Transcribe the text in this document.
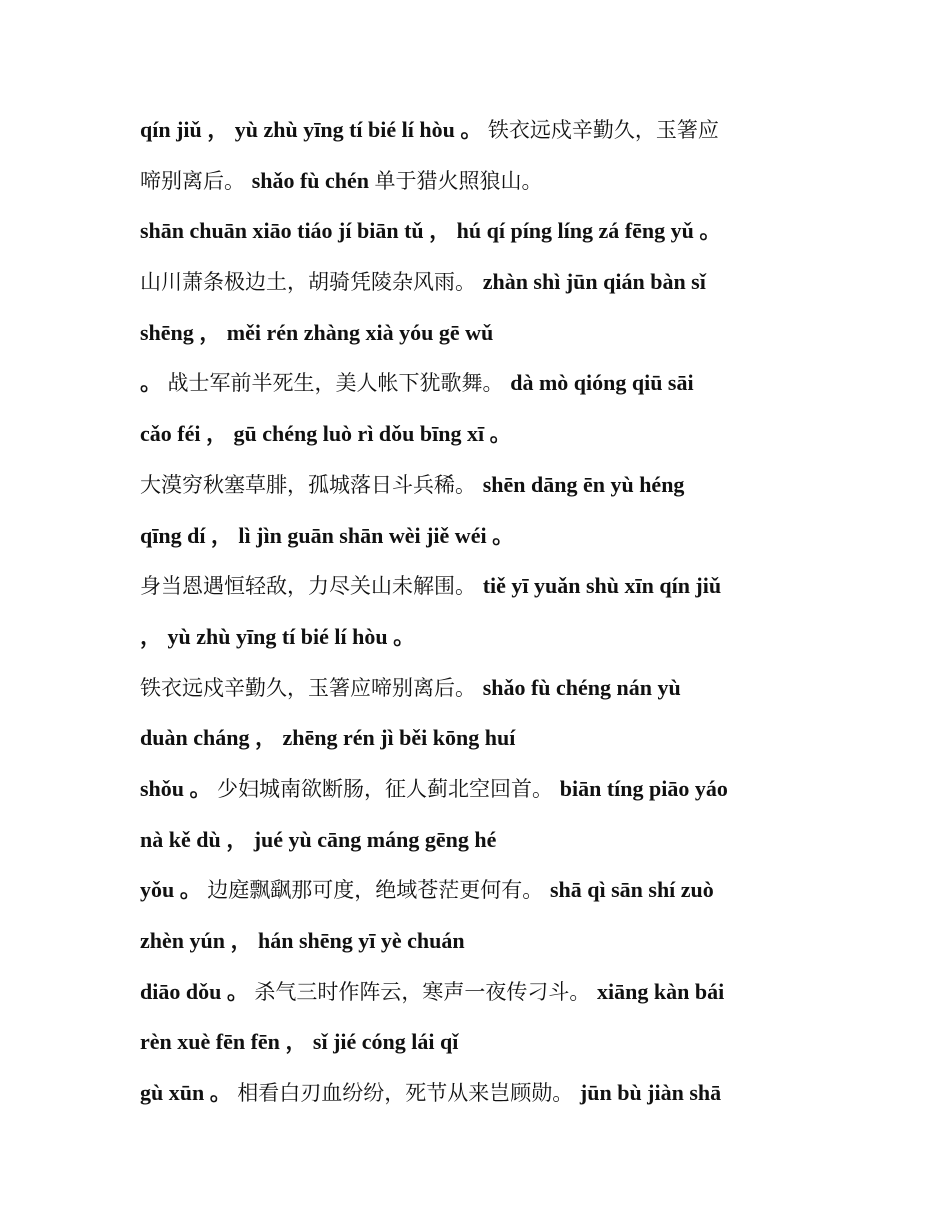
qín jiǔ ， yù zhù yīng tí bié lí hòu 。 铁衣远戍辛勤久，玉箸应
啼别离后。 shǎo fù chén 单于猎火照狼山。
shān chuān xiāo tiáo jí biān tǔ ， hú qí píng líng zá fēng yǔ 。
山川萧条极边土，胡骑凭陵杂风雨。 zhàn shì jūn qián bàn sǐ
shēng ， měi rén zhàng xià yóu gē wǔ
。 战士军前半死生，美人帐下犹歌舞。 dà mò qióng qiū sāi
cǎo féi ， gū chéng luò rì dǒu bīng xī 。
大漠穷秋塞草腓，孤城落日斗兵稀。 shēn dāng ēn yù héng
qīng dí ， lì jìn guān shān wèi jiě wéi 。
身当恩遇恒轻敌，力尽关山未解围。 tiě yī yuǎn shù xīn qín jiǔ
， yù zhù yīng tí bié lí hòu 。
铁衣远戍辛勤久，玉箸应啼别离后。 shǎo fù chéng nán yù
duàn cháng ， zhēng rén jì běi kōng huí
shǒu 。 少妇城南欲断肠，征人蓟北空回首。 biān tíng piāo yáo
nà kě dù ， jué yù cāng máng gēng hé
yǒu 。 边庭飘飖那可度，绝域苍茫更何有。 shā qì sān shí zuò
zhèn yún ， hán shēng yī yè chuán
diāo dǒu 。 杀气三时作阵云，寒声一夜传刁斗。 xiāng kàn bái
rèn xuè fēn fēn ， sǐ jié cóng lái qǐ
gù xūn 。 相看白刃血纷纷，死节从来岂顾勋。 jūn bù jiàn shā
